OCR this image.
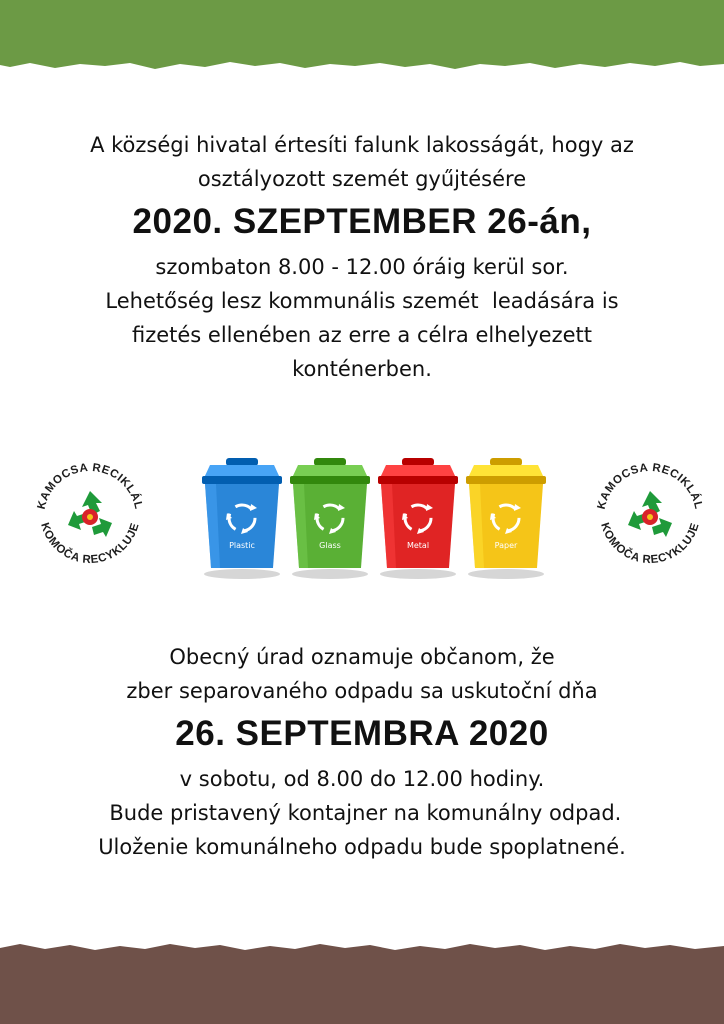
A községi hivatal értesíti falunk lakosságát, hogy az
osztályozott szemét gyűjtésére
2020. SZEPTEMBER 26-án,
szombaton 8.00 - 12.00 óráig kerül sor.
Lehetőség lesz kommunális szemét  leadására is
fizetés ellenében az erre a célra elhelyezett
konténerben.
KAMOCSA RECIKLÁL
KOMOČA RECYKLUJE
Plastic	Glass	Metal	Paper
KAMOCSA RECIKLÁL
KOMOČA RECYKLUJE
Obecný úrad oznamuje občanom, že
zber separovaného odpadu sa uskutoční dňa
26. SEPTEMBRA 2020
v sobotu, od 8.00 do 12.00 hodiny.
Bude pristavený kontajner na komunálny odpad.
Uloženie komunálneho odpadu bude spoplatnené.
